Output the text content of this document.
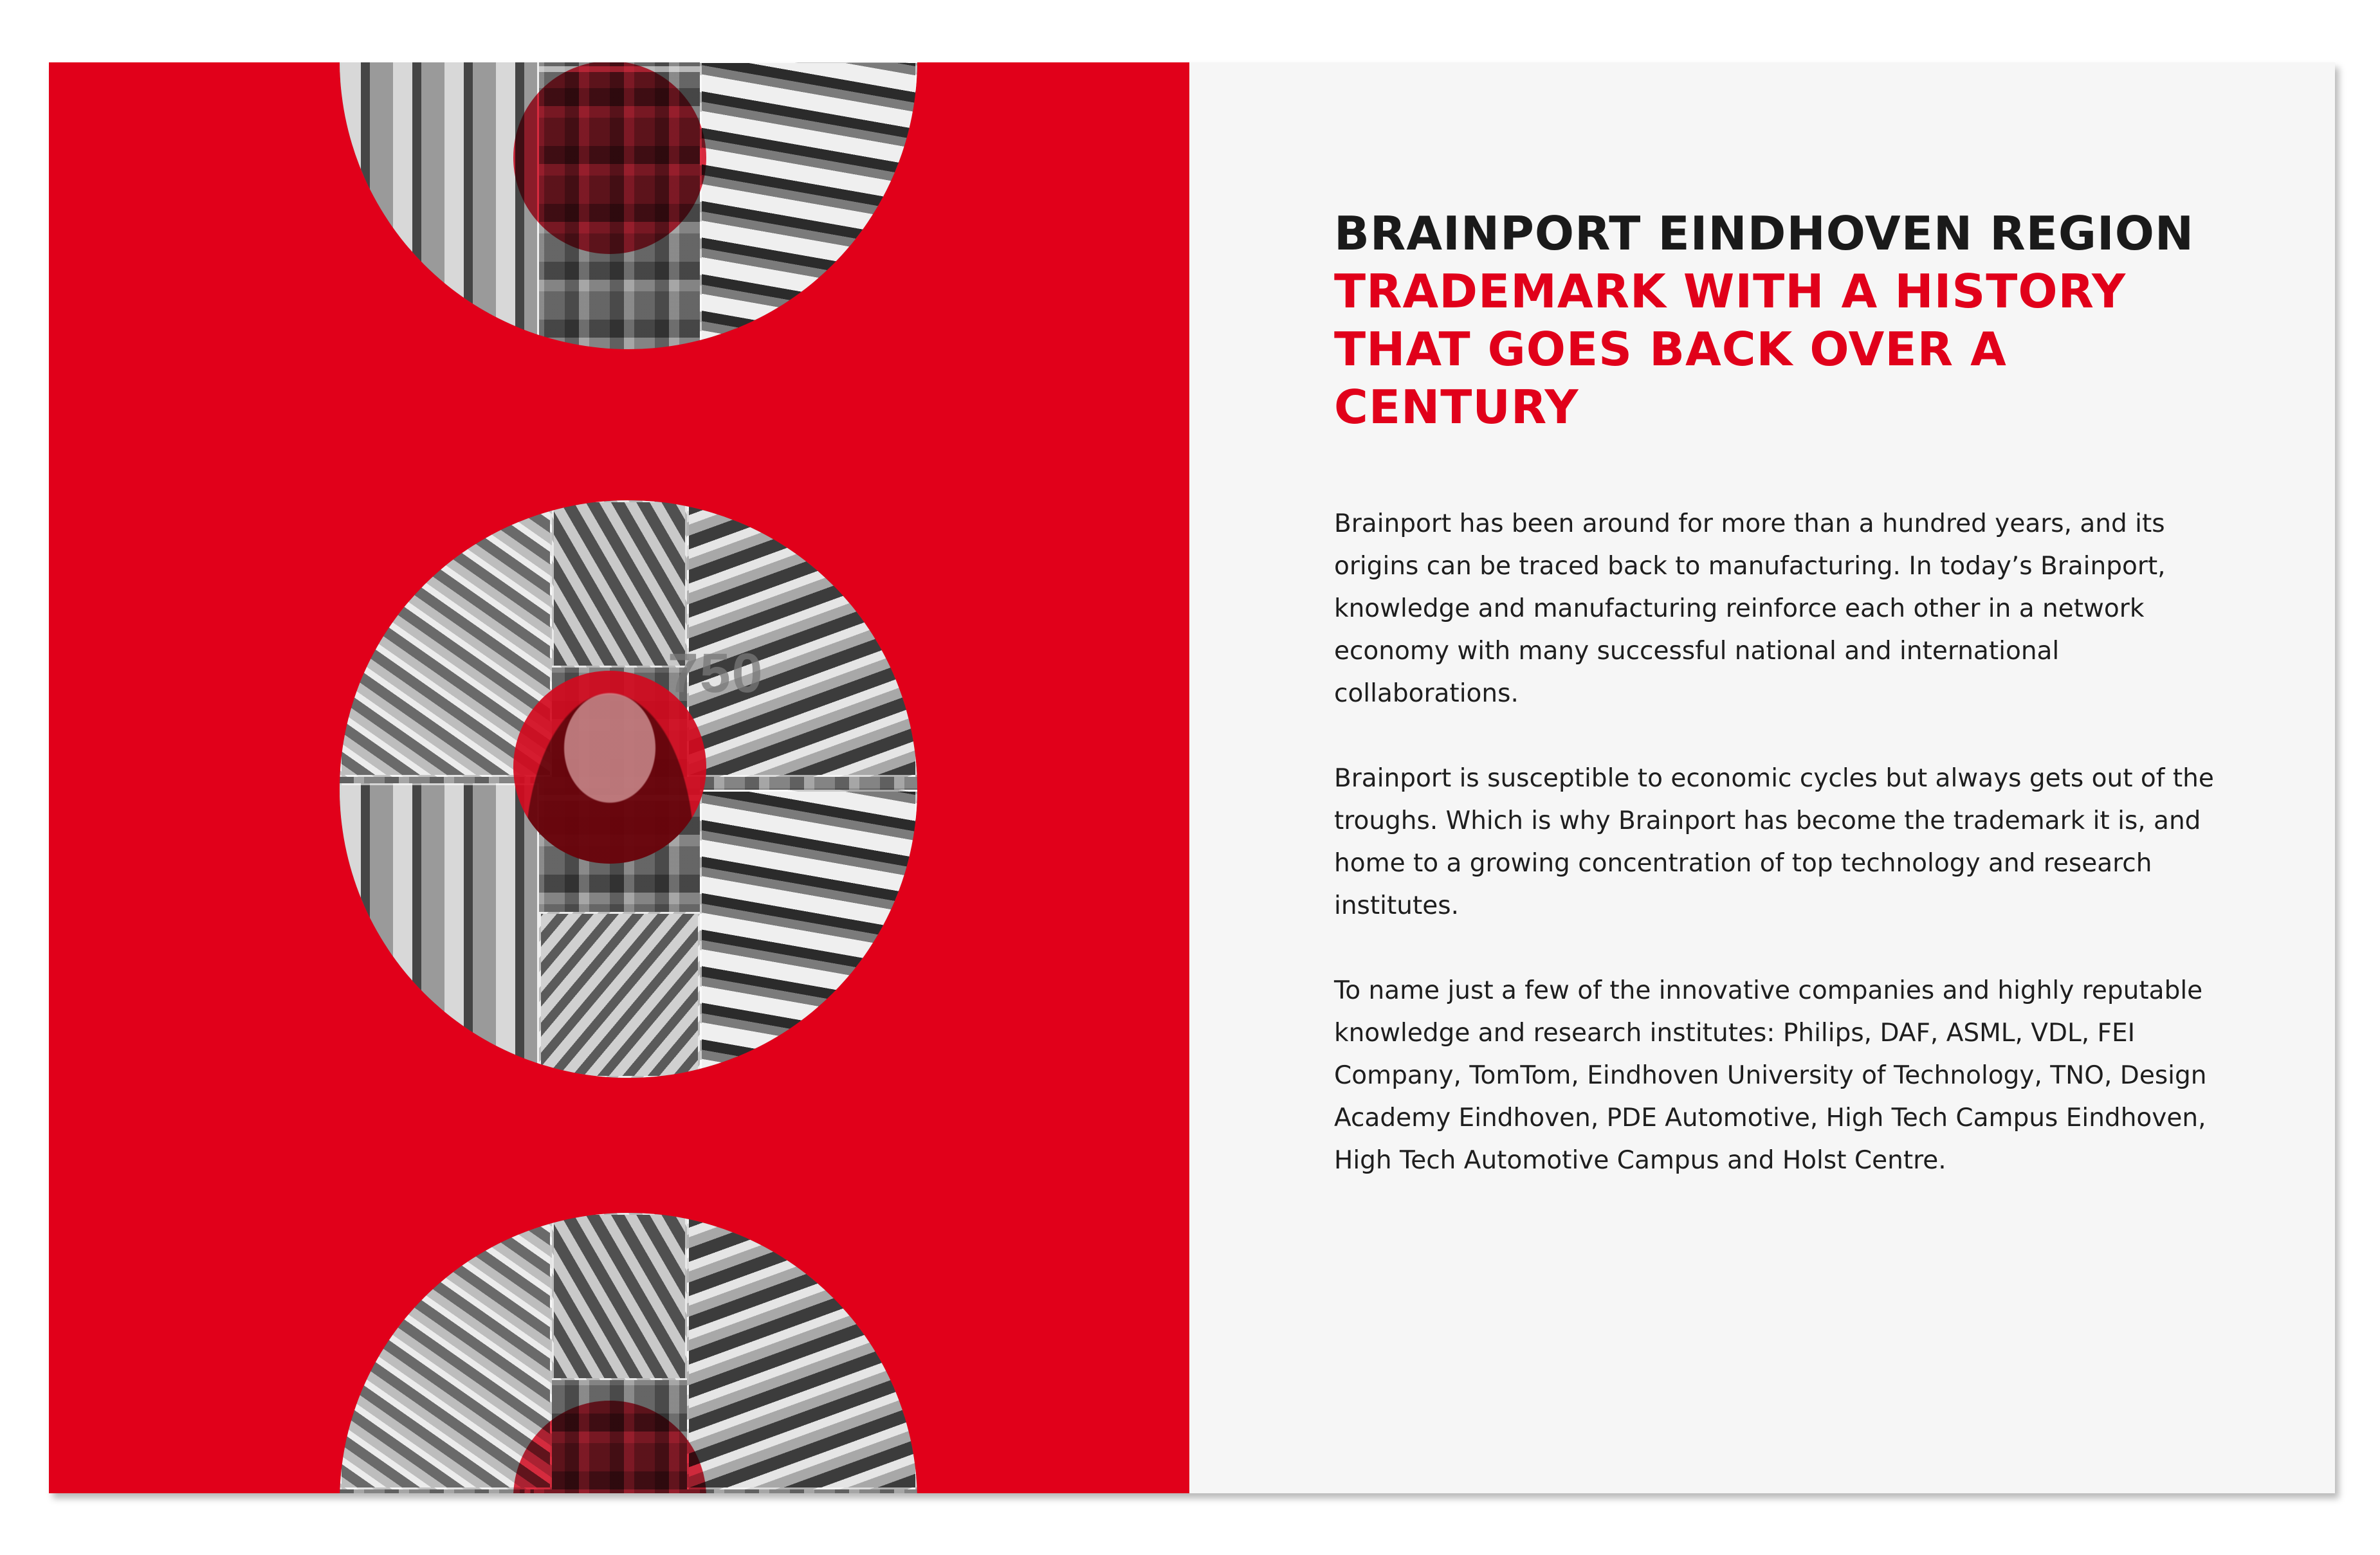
750
BRAINPORT EINDHOVEN REGION
TRADEMARK WITH A HISTORY
THAT GOES BACK OVER A CENTURY

Brainport has been around for more than a hundred years, and its origins can be traced back to manufacturing. In today’s Brainport, knowledge and manufacturing reinforce each other in a network economy with many successful national and international collaborations.

Brainport is susceptible to economic cycles but always gets out of the troughs. Which is why Brainport has become the trademark it is, and home to a growing concentration of top technology and research institutes.

To name just a few of the innovative companies and highly reputable knowledge and research institutes: Philips, DAF, ASML, VDL, FEI Company, TomTom, Eindhoven University of Technology, TNO, Design Academy Eindhoven, PDE Automotive, High Tech Campus Eindhoven, High Tech Automotive Campus and Holst Centre.
